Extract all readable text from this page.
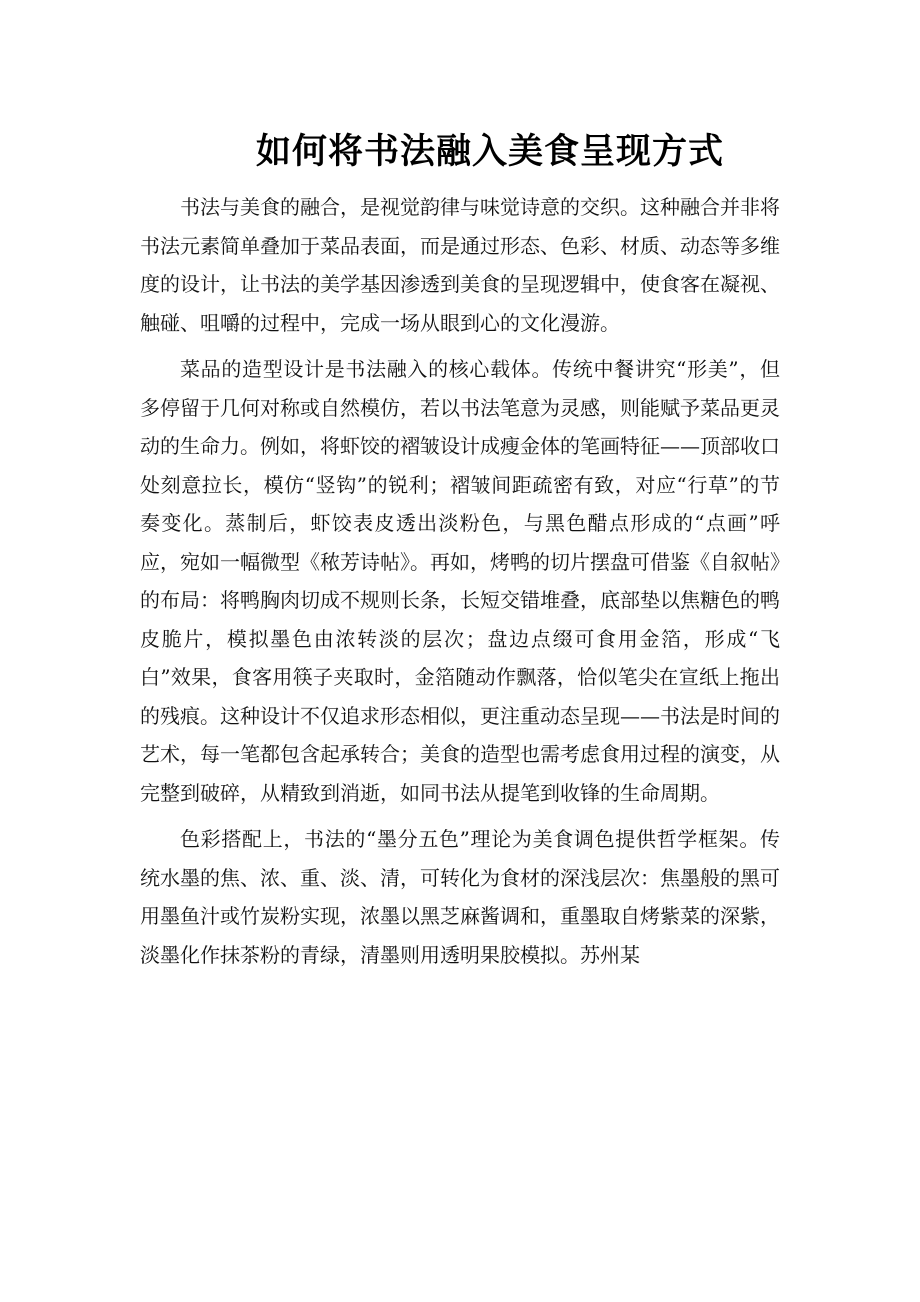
如何将书法融入美食呈现方式

书法与美食的融合，是视觉韵律与味觉诗意的交织。这种融合并非将书法元素简单叠加于菜品表面，而是通过形态、色彩、材质、动态等多维度的设计，让书法的美学基因渗透到美食的呈现逻辑中，使食客在凝视、触碰、咀嚼的过程中，完成一场从眼到心的文化漫游。

菜品的造型设计是书法融入的核心载体。传统中餐讲究“形美”，但多停留于几何对称或自然模仿，若以书法笔意为灵感，则能赋予菜品更灵动的生命力。例如，将虾饺的褶皱设计成瘦金体的笔画特征——顶部收口处刻意拉长，模仿“竖钩”的锐利；褶皱间距疏密有致，对应“行草”的节奏变化。蒸制后，虾饺表皮透出淡粉色，与黑色醋点形成的“点画”呼应，宛如一幅微型《秾芳诗帖》。再如，烤鸭的切片摆盘可借鉴《自叙帖》的布局：将鸭胸肉切成不规则长条，长短交错堆叠，底部垫以焦糖色的鸭皮脆片，模拟墨色由浓转淡的层次；盘边点缀可食用金箔，形成“飞白”效果，食客用筷子夹取时，金箔随动作飘落，恰似笔尖在宣纸上拖出的残痕。这种设计不仅追求形态相似，更注重动态呈现——书法是时间的艺术，每一笔都包含起承转合；美食的造型也需考虑食用过程的演变，从完整到破碎，从精致到消逝，如同书法从提笔到收锋的生命周期。

色彩搭配上，书法的“墨分五色”理论为美食调色提供哲学框架。传统水墨的焦、浓、重、淡、清，可转化为食材的深浅层次：焦墨般的黑可用墨鱼汁或竹炭粉实现，浓墨以黑芝麻酱调和，重墨取自烤紫菜的深紫，淡墨化作抹茶粉的青绿，清墨则用透明果胶模拟。苏州某
